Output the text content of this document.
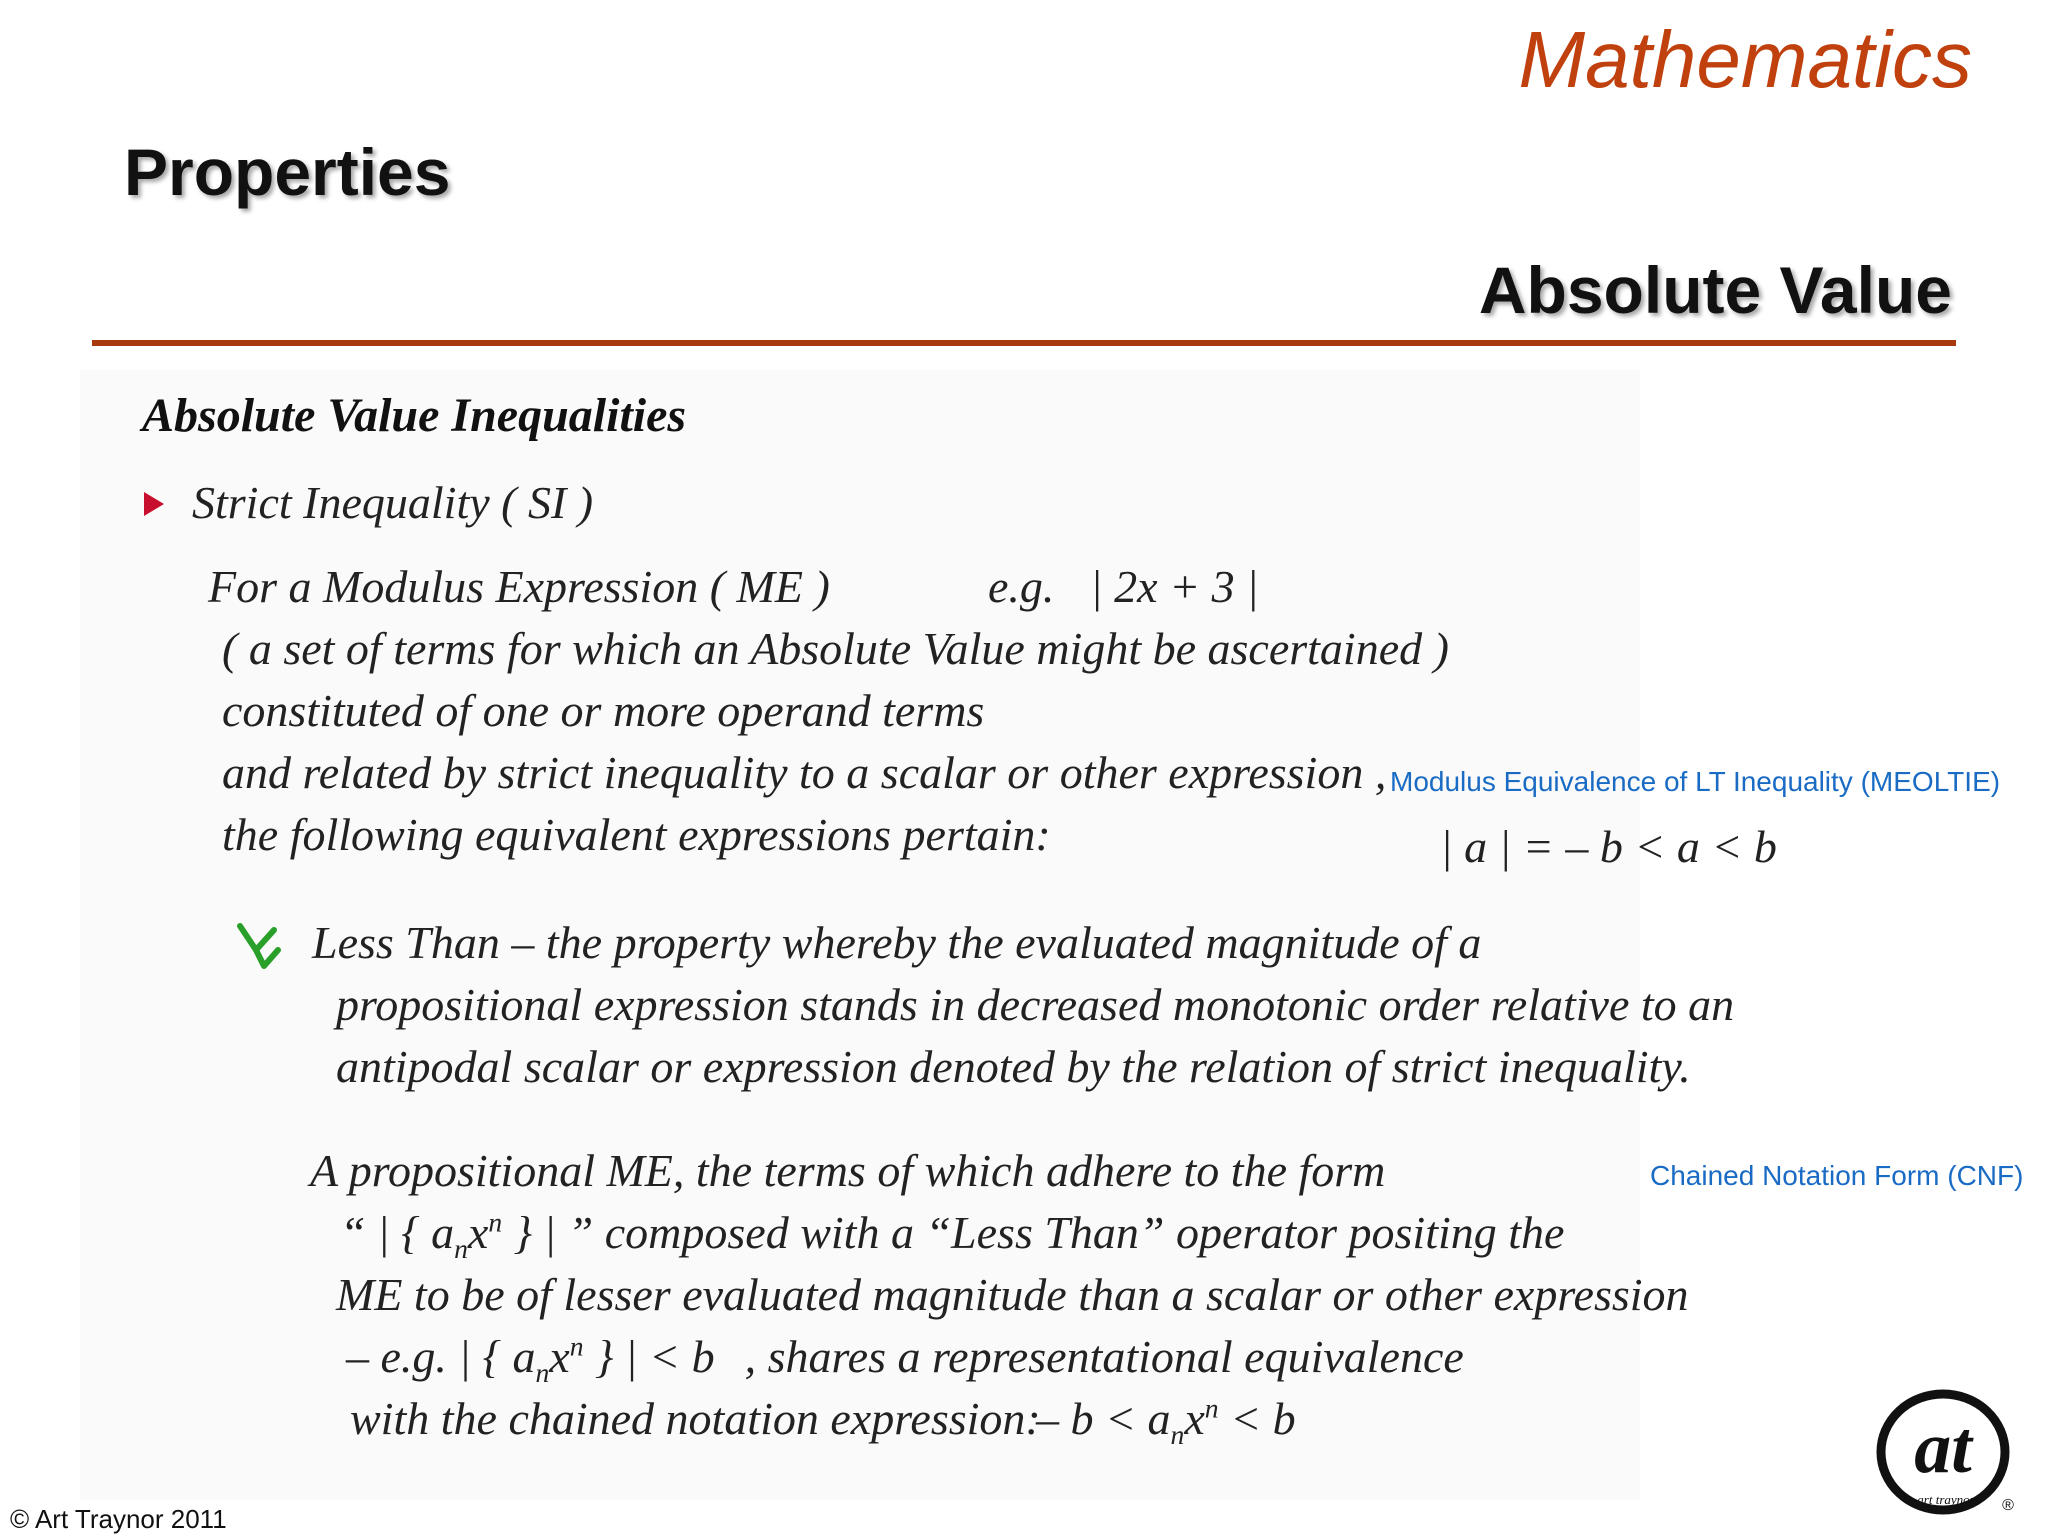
Mathematics
Properties
Absolute Value
Absolute Value Inequalities
Strict Inequality ( SI )
For a Modulus Expression ( ME )	e.g. | 2x + 3 |
( a set of terms for which an Absolute Value might be ascertained )
constituted of one or more operand terms
and related by strict inequality to a scalar or other expression ,
the following equivalent expressions pertain:
Modulus Equivalence of LT Inequality (MEOLTIE)
| a | = – b < a < b
Less Than – the property whereby the evaluated magnitude of a
propositional expression stands in decreased monotonic order relative to an
antipodal scalar or expression denoted by the relation of strict inequality.
Chained Notation Form (CNF)
A propositional ME, the terms of which adhere to the form
“ | { $a_nx^n$ } | ” composed with a “Less Than” operator positing the
ME to be of lesser evaluated magnitude than a scalar or other expression
– e.g. | { $a_nx^n$ } | < b , shares a representational equivalence
with the chained notation expression:
– $b < a_nx^n < b$	at
art traynor ®
© Art Traynor 2011
